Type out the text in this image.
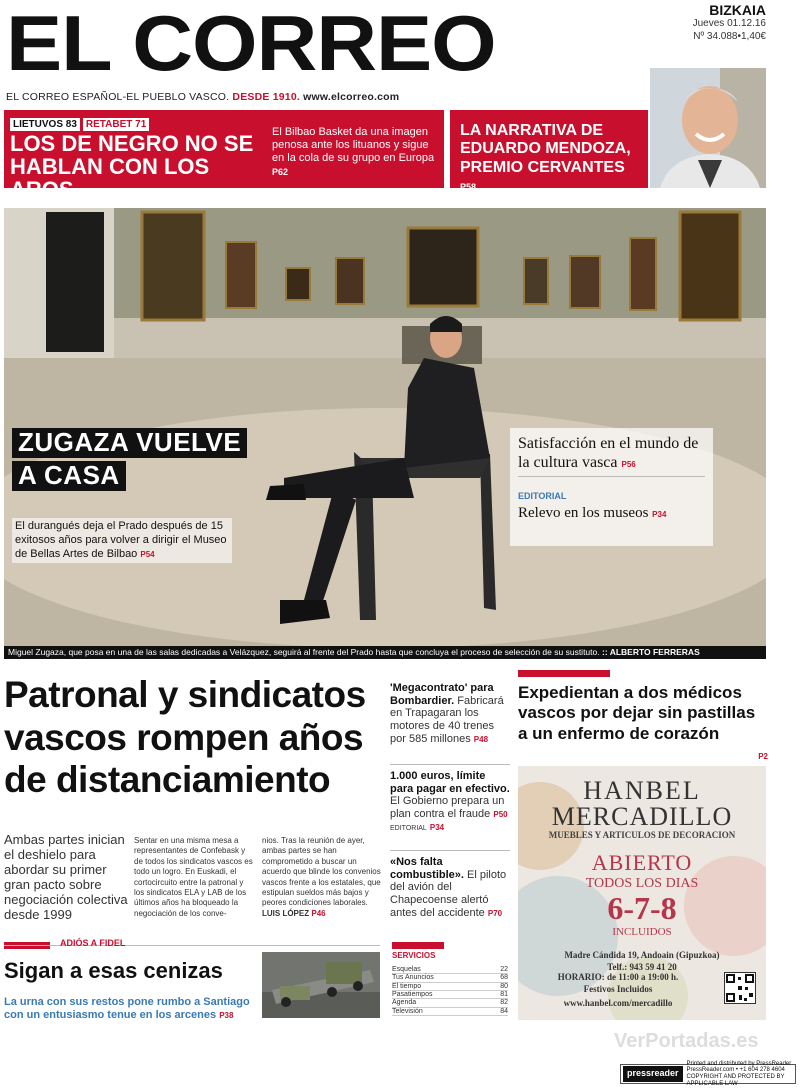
EL CORREO	BIZKAIA
Jueves 01.12.16
Nº 34.088•1,40€
EL CORREO ESPAÑOL-EL PUEBLO VASCO. DESDE 1910. www.elcorreo.com
LIETUVOS 83 RETABET 71
LOS DE NEGRO NO SE HABLAN CON LOS AROS
El Bilbao Basket da una imagen penosa ante los lituanos y sigue en la cola de su grupo en Europa P62
LA NARRATIVA DE EDUARDO MENDOZA, PREMIO CERVANTES P58
ZUGAZA VUELVE
A CASA
El durangués deja el Prado después de 15 exitosos años para volver a dirigir el Museo de Bellas Artes de Bilbao P54
Satisfacción en el mundo de la cultura vasca P56
EDITORIAL
Relevo en los museos P34
Miguel Zugaza, que posa en una de las salas dedicadas a Velázquez, seguirá al frente del Prado hasta que concluya el proceso de selección de su sustituto. :: ALBERTO FERRERAS
Patronal y sindicatos vascos rompen años de distanciamiento
Ambas partes inician el deshielo para abordar su primer gran pacto sobre negociación colectiva desde 1999
Sentar en una misma mesa a representantes de Confebask y de todos los sindicatos vascos es todo un logro. En Euskadi, el cortocircuito entre la patronal y los sindicatos ELA y LAB de los últimos años ha bloqueado la negociación de los conve-
nios. Tras la reunión de ayer, ambas partes se han comprometido a buscar un acuerdo que blinde los convenios vascos frente a los estatales, que estipulan sueldos más bajos y peores condiciones laborales.
LUIS LÓPEZ P46
ADIÓS A FIDEL
Sigan a esas cenizas
La urna con sus restos pone rumbo a Santiago con un entusiasmo tenue en los arcenes P38
'Megacontrato' para Bombardier. Fabricará en Trapagaran los motores de 40 trenes por 585 millones P48
1.000 euros, límite para pagar en efectivo. El Gobierno prepara un plan contra el fraude P50 EDITORIAL P34
«Nos falta combustible». El piloto del avión del Chapecoense alertó antes del accidente P70
SERVICIOS
Esquelas	22
Tus Anuncios	68
El tiempo	80
Pasatiempos	81
Agenda	82
Televisión	84
Expedientan a dos médicos vascos por dejar sin pastillas a un enfermo de corazón
P2
HANBEL
MERCADILLO
MUEBLES Y ARTICULOS DE DECORACION
ABIERTO
TODOS LOS DIAS
6-7-8
INCLUIDOS
Madre Cándida 19, Andoain (Gipuzkoa)
Telf.: 943 59 41 20
HORARIO: de 11:00 a 19:00 h.
Festivos Incluidos
www.hanbel.com/mercadillo
VerPortadas.es
pressreader
Printed and distributed by PressReader
PressReader.com • +1 604 278 4604
COPYRIGHT AND PROTECTED BY APPLICABLE LAW
